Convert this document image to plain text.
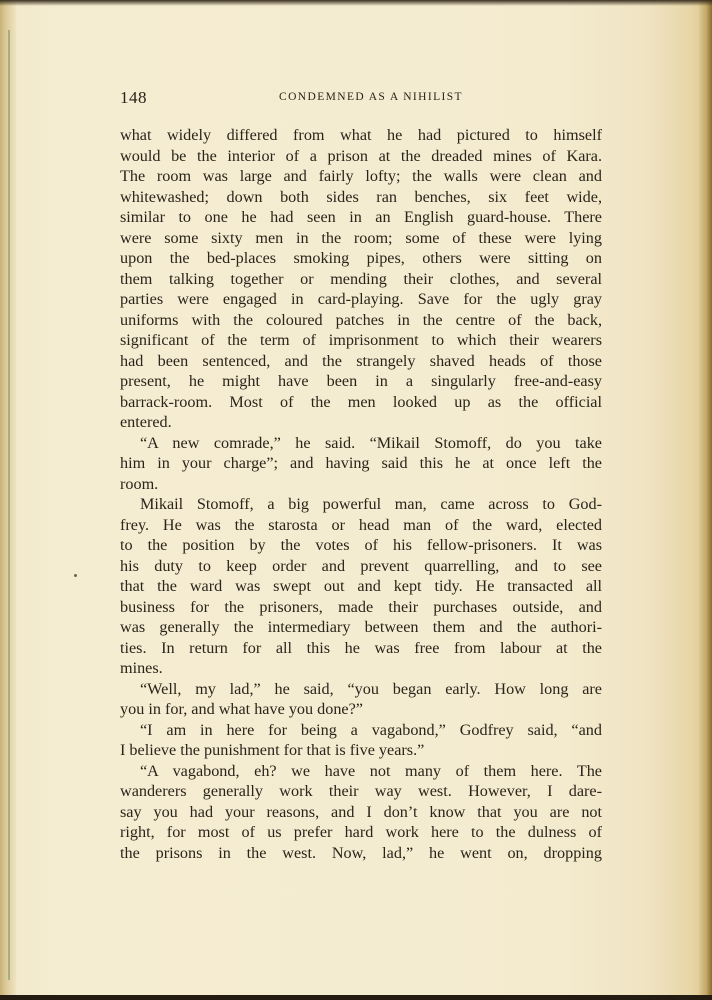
148	CONDEMNED AS A NIHILIST
what widely differed from what he had pictured to himself
would be the interior of a prison at the dreaded mines of Kara.
The room was large and fairly lofty; the walls were clean and
whitewashed; down both sides ran benches, six feet wide,
similar to one he had seen in an English guard-house. There
were some sixty men in the room; some of these were lying
upon the bed-places smoking pipes, others were sitting on
them talking together or mending their clothes, and several
parties were engaged in card-playing. Save for the ugly gray
uniforms with the coloured patches in the centre of the back,
significant of the term of imprisonment to which their wearers
had been sentenced, and the strangely shaved heads of those
present, he might have been in a singularly free-and-easy
barrack-room. Most of the men looked up as the official
entered.
“A new comrade,” he said. “Mikail Stomoff, do you take
him in your charge”; and having said this he at once left the
room.
Mikail Stomoff, a big powerful man, came across to God-
frey. He was the starosta or head man of the ward, elected
to the position by the votes of his fellow-prisoners. It was
his duty to keep order and prevent quarrelling, and to see
that the ward was swept out and kept tidy. He transacted all
business for the prisoners, made their purchases outside, and
was generally the intermediary between them and the authori-
ties. In return for all this he was free from labour at the
mines.
“Well, my lad,” he said, “you began early. How long are
you in for, and what have you done?”
“I am in here for being a vagabond,” Godfrey said, “and
I believe the punishment for that is five years.”
“A vagabond, eh? we have not many of them here. The
wanderers generally work their way west. However, I dare-
say you had your reasons, and I don’t know that you are not
right, for most of us prefer hard work here to the dulness of
the prisons in the west. Now, lad,” he went on, dropping
